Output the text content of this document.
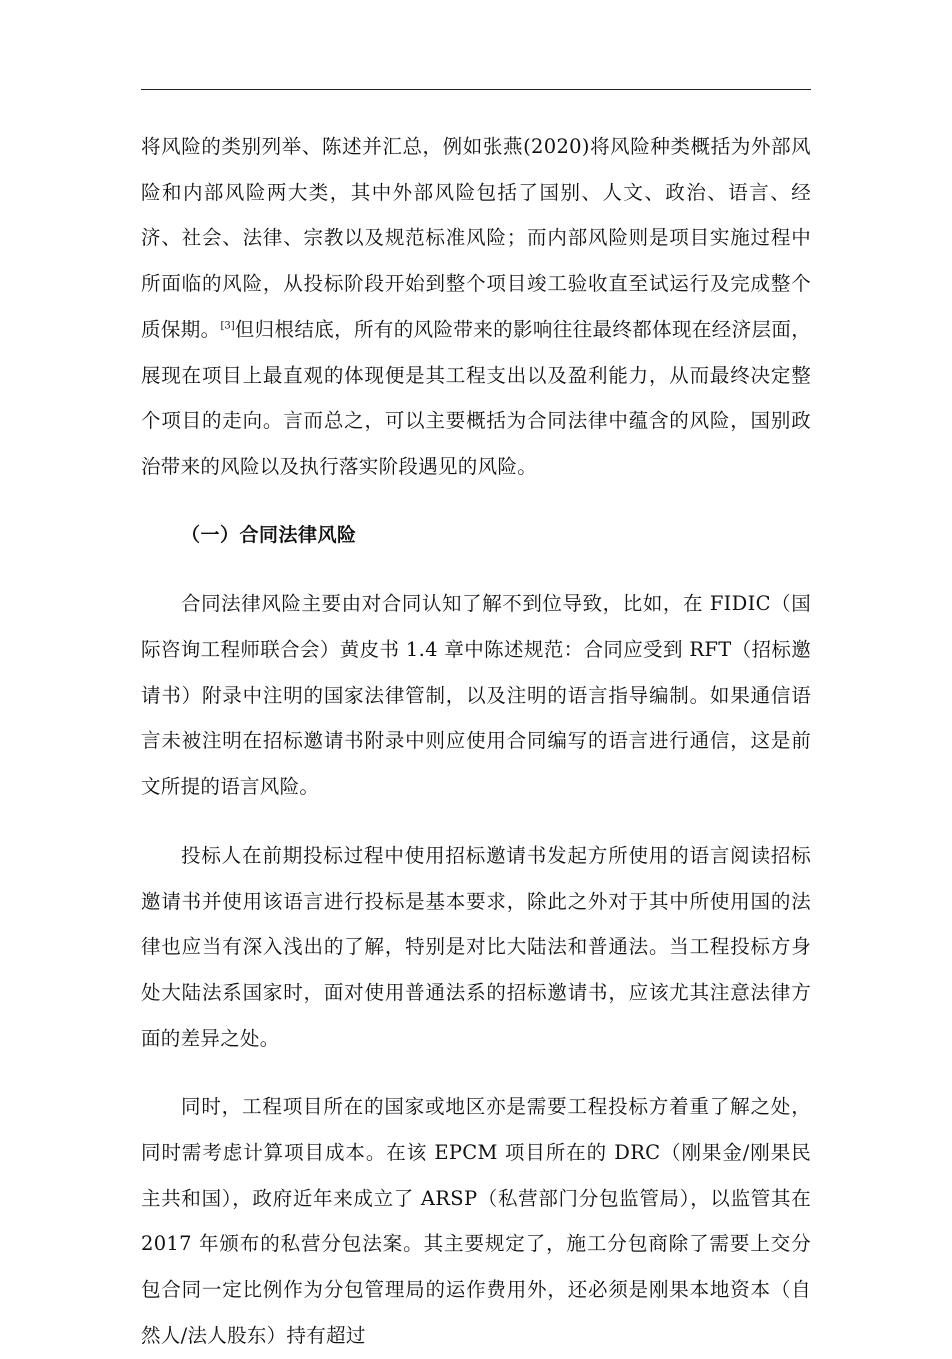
将风险的类别列举、陈述并汇总，例如张燕(2020)将风险种类概括为外部风险和内部风险两大类，其中外部风险包括了国别、人文、政治、语言、经济、社会、法律、宗教以及规范标准风险；而内部风险则是项目实施过程中所面临的风险，从投标阶段开始到整个项目竣工验收直至试运行及完成整个质保期。[3]但归根结底，所有的风险带来的影响往往最终都体现在经济层面，展现在项目上最直观的体现便是其工程支出以及盈利能力，从而最终决定整个项目的走向。言而总之，可以主要概括为合同法律中蕴含的风险，国别政治带来的风险以及执行落实阶段遇见的风险。

（一）合同法律风险

合同法律风险主要由对合同认知了解不到位导致，比如，在 FIDIC（国际咨询工程师联合会）黄皮书 1.4 章中陈述规范：合同应受到 RFT（招标邀请书）附录中注明的国家法律管制，以及注明的语言指导编制。如果通信语言未被注明在招标邀请书附录中则应使用合同编写的语言进行通信，这是前文所提的语言风险。

投标人在前期投标过程中使用招标邀请书发起方所使用的语言阅读招标邀请书并使用该语言进行投标是基本要求，除此之外对于其中所使用国的法律也应当有深入浅出的了解，特别是对比大陆法和普通法。当工程投标方身处大陆法系国家时，面对使用普通法系的招标邀请书，应该尤其注意法律方面的差异之处。

同时，工程项目所在的国家或地区亦是需要工程投标方着重了解之处，同时需考虑计算项目成本。在该 EPCM 项目所在的 DRC（刚果金/刚果民主共和国），政府近年来成立了 ARSP（私营部门分包监管局），以监管其在 2017 年颁布的私营分包法案。其主要规定了，施工分包商除了需要上交分包合同一定比例作为分包管理局的运作费用外，还必须是刚果本地资本（自然人/法人股东）持有超过
